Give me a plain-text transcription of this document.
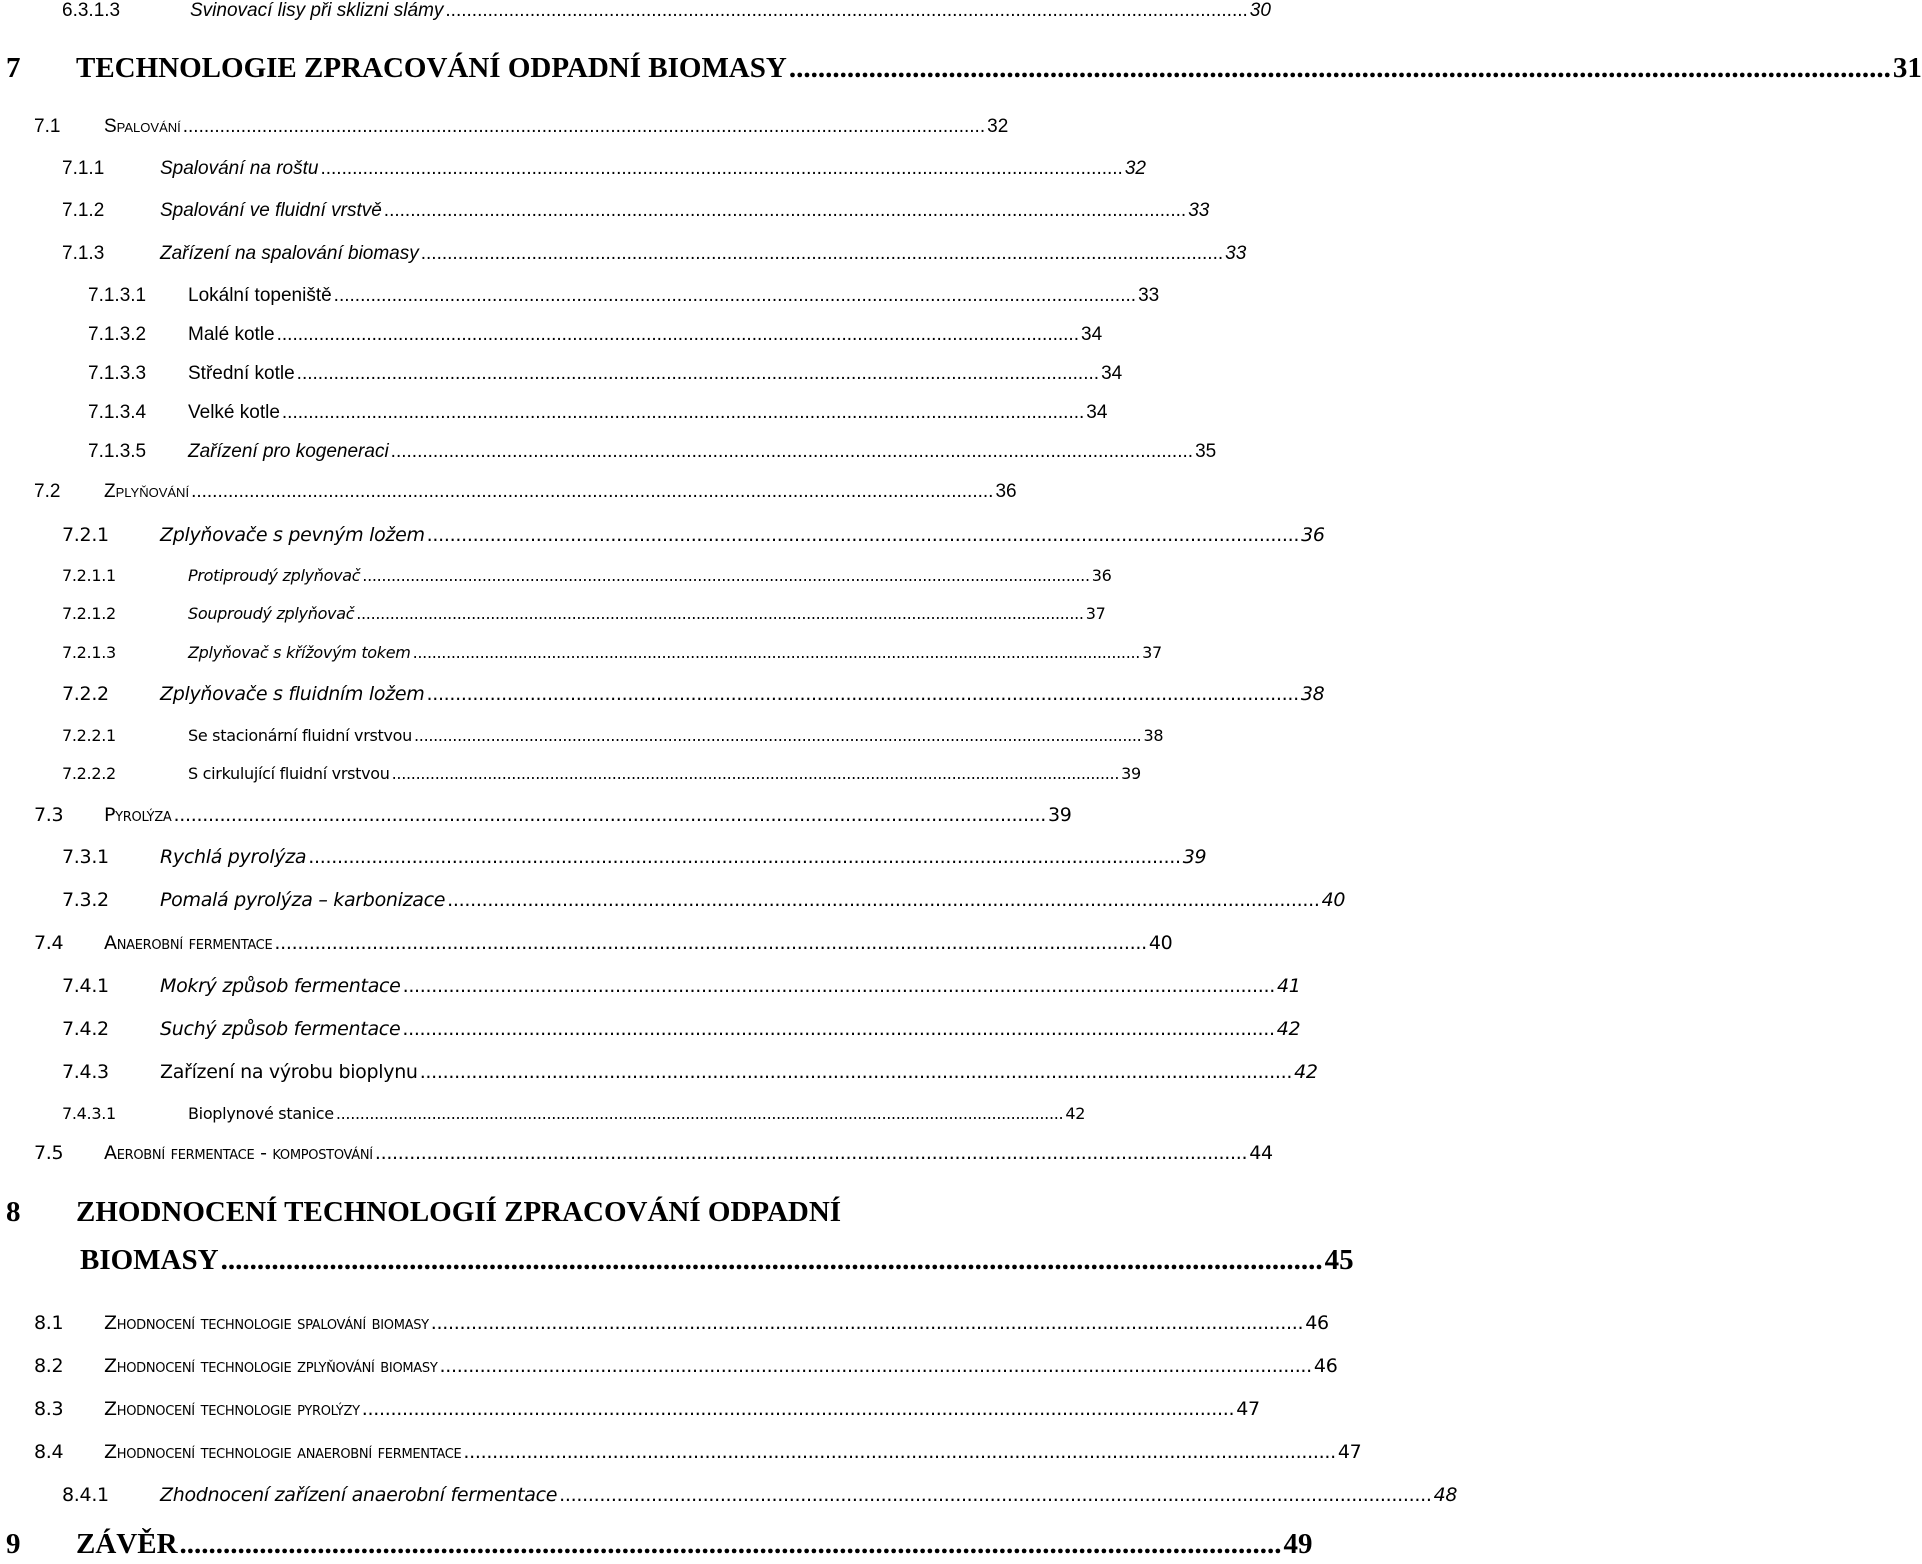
6.3.1.3	Svinovací lisy při sklizni slámy ........................................................................................................................................................ 30
7 TECHNOLOGIE ZPRACOVÁNÍ ODPADNÍ BIOMASY ........................................................................................................................................................ 31
7.1 Spalování ........................................................................................................................................................ 32
7.1.1	Spalování na roštu ........................................................................................................................................................ 32
7.1.2	Spalování ve fluidní vrstvě ........................................................................................................................................................ 33
7.1.3	Zařízení na spalování biomasy ........................................................................................................................................................ 33
7.1.3.1 Lokální topeniště ........................................................................................................................................................ 33
7.1.3.2 Malé kotle ........................................................................................................................................................ 34
7.1.3.3 Střední kotle ........................................................................................................................................................ 34
7.1.3.4 Velké kotle ........................................................................................................................................................ 34
7.1.3.5 Zařízení pro kogeneraci ........................................................................................................................................................ 35
7.2 Zplyňování ........................................................................................................................................................ 36
7.2.1	Zplyňovače s pevným ložem ........................................................................................................................................................ 36
7.2.1.1	Protiproudý zplyňovač ........................................................................................................................................................ 36
7.2.1.2	Souproudý zplyňovač ........................................................................................................................................................ 37
7.2.1.3	Zplyňovač s křížovým tokem ........................................................................................................................................................ 37
7.2.2	Zplyňovače s fluidním ložem ........................................................................................................................................................ 38
7.2.2.1	Se stacionární fluidní vrstvou ........................................................................................................................................................ 38
7.2.2.2	S cirkulující fluidní vrstvou ........................................................................................................................................................ 39
7.3 Pyrolýza ........................................................................................................................................................ 39
7.3.1	Rychlá pyrolýza ........................................................................................................................................................ 39
7.3.2	Pomalá pyrolýza – karbonizace ........................................................................................................................................................ 40
7.4 Anaerobní fermentace ........................................................................................................................................................ 40
7.4.1	Mokrý způsob fermentace ........................................................................................................................................................ 41
7.4.2	Suchý způsob fermentace ........................................................................................................................................................ 42
7.4.3	Zařízení na výrobu bioplynu ........................................................................................................................................................ 42
7.4.3.1	Bioplynové stanice ........................................................................................................................................................ 42
7.5 Aerobní fermentace - kompostování ........................................................................................................................................................ 44
8 ZHODNOCENÍ TECHNOLOGIÍ ZPRACOVÁNÍ ODPADNÍ
BIOMASY ........................................................................................................................................................ 45
8.1 Zhodnocení technologie spalování biomasy ........................................................................................................................................................ 46
8.2 Zhodnocení technologie zplyňování biomasy ........................................................................................................................................................ 46
8.3 Zhodnocení technologie pyrolýzy ........................................................................................................................................................ 47
8.4 Zhodnocení technologie anaerobní fermentace ........................................................................................................................................................ 47
8.4.1	Zhodnocení zařízení anaerobní fermentace ........................................................................................................................................................ 48
9 ZÁVĚR ........................................................................................................................................................ 49
